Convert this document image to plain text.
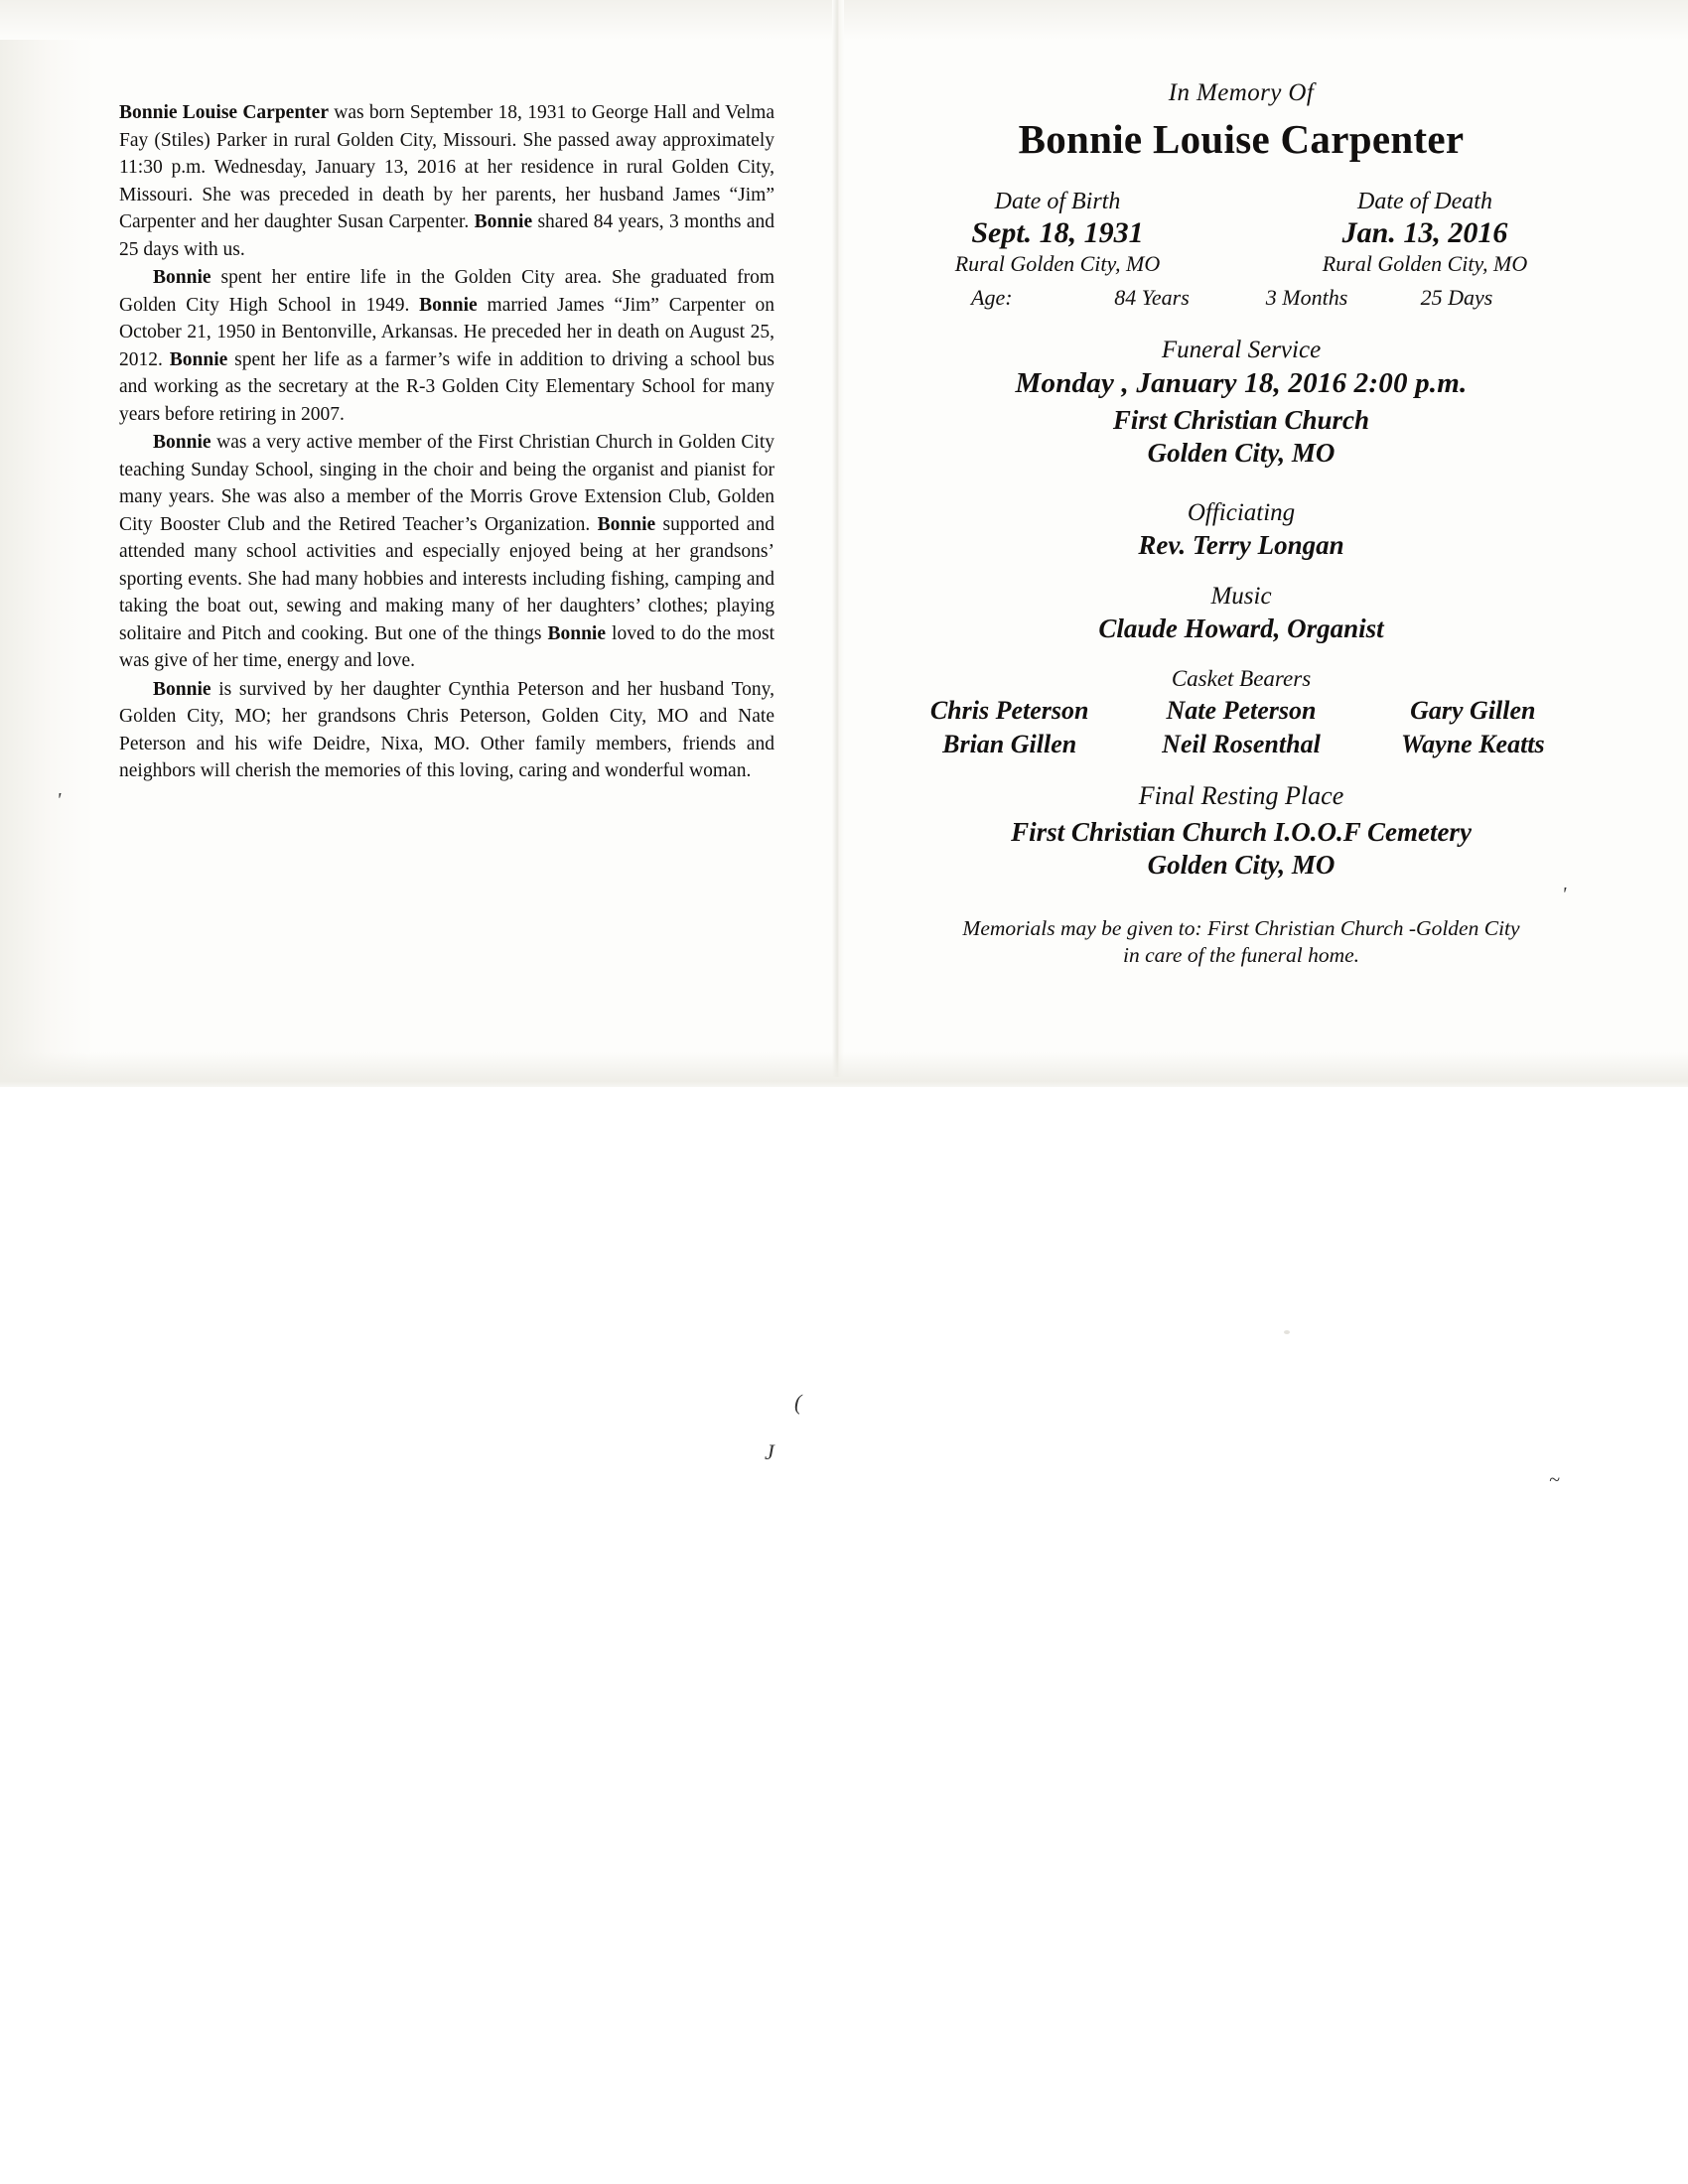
Bonnie Louise Carpenter was born September 18, 1931 to George Hall and Velma Fay (Stiles) Parker in rural Golden City, Missouri. She passed away approximately 11:30 p.m. Wednesday, January 13, 2016 at her residence in rural Golden City, Missouri. She was preceded in death by her parents, her husband James “Jim” Carpenter and her daughter Susan Carpenter. Bonnie shared 84 years, 3 months and 25 days with us.

Bonnie spent her entire life in the Golden City area. She graduated from Golden City High School in 1949. Bonnie married James “Jim” Carpenter on October 21, 1950 in Bentonville, Arkansas. He preceded her in death on August 25, 2012. Bonnie spent her life as a farmer’s wife in addition to driving a school bus and working as the secretary at the R-3 Golden City Elementary School for many years before retiring in 2007.

Bonnie was a very active member of the First Christian Church in Golden City teaching Sunday School, singing in the choir and being the organist and pianist for many years. She was also a member of the Morris Grove Extension Club, Golden City Booster Club and the Retired Teacher’s Organization. Bonnie supported and attended many school activities and especially enjoyed being at her grandsons’ sporting events. She had many hobbies and interests including fishing, camping and taking the boat out, sewing and making many of her daughters’ clothes; playing solitaire and Pitch and cooking. But one of the things Bonnie loved to do the most was give of her time, energy and love.

Bonnie is survived by her daughter Cynthia Peterson and her husband Tony, Golden City, MO; her grandsons Chris Peterson, Golden City, MO and Nate Peterson and his wife Deidre, Nixa, MO. Other family members, friends and neighbors will cherish the memories of this loving, caring and wonderful woman.

In Memory Of
Bonnie Louise Carpenter
Date of Birth
Sept. 18, 1931
Rural Golden City, MO
Date of Death
Jan. 13, 2016
Rural Golden City, MO
Age:	84 Years	3 Months	25 Days
Funeral Service
Monday , January 18, 2016 2:00 p.m.
First Christian Church
Golden City, MO
Officiating
Rev. Terry Longan
Music
Claude Howard, Organist
Casket Bearers
Chris Peterson	Nate Peterson	Gary Gillen
Brian Gillen	Neil Rosenthal	Wayne Keatts
Final Resting Place
First Christian Church I.O.O.F Cemetery
Golden City, MO
Memorials may be given to: First Christian Church -Golden City
in care of the funeral home.
'
'
(
J
~
